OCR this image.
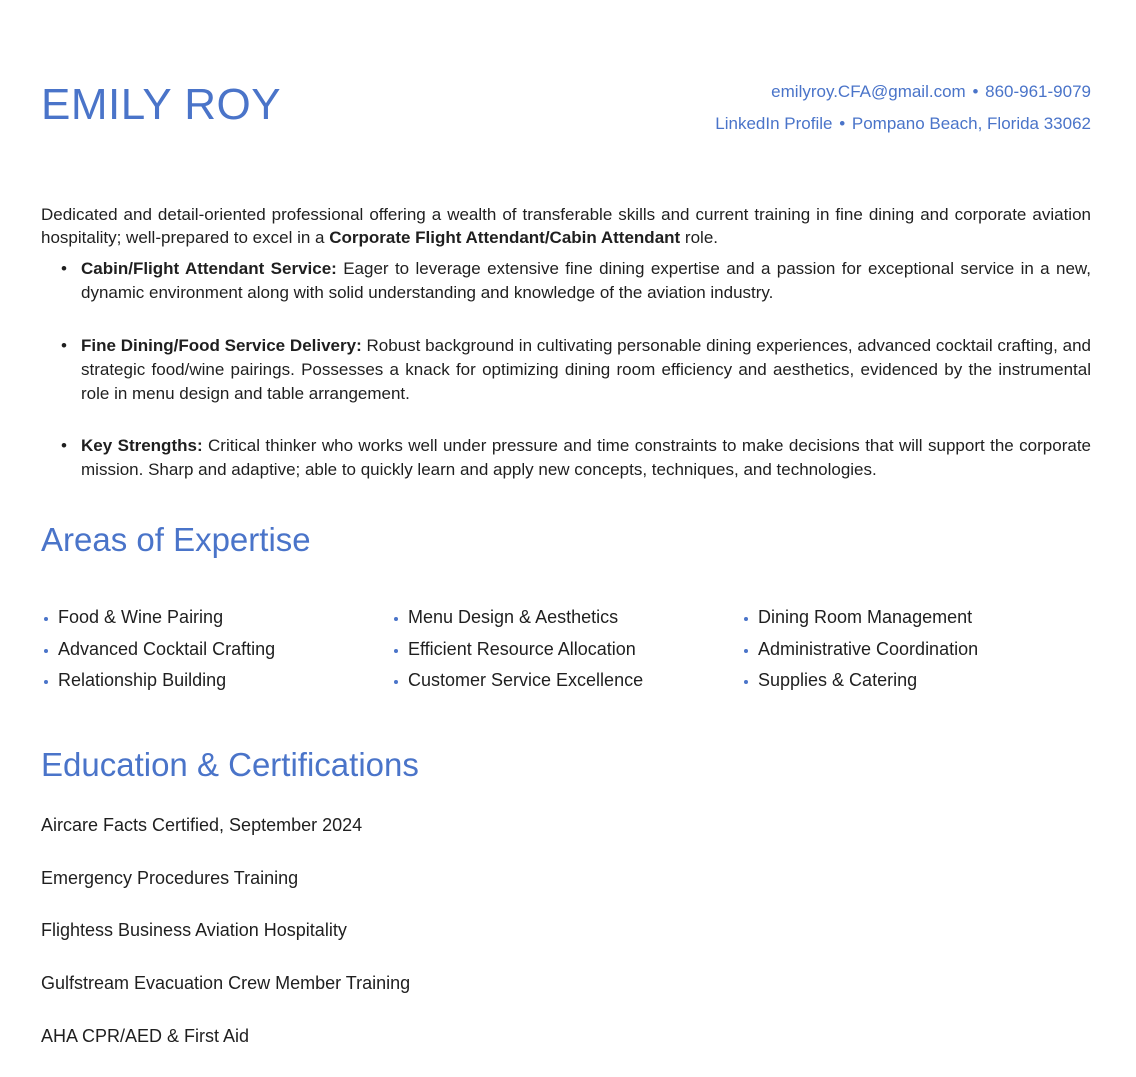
EMILY ROY	emilyroy.CFA@gmail.com • 860-961-9079
LinkedIn Profile • Pompano Beach, Florida 33062

Dedicated and detail-oriented professional offering a wealth of transferable skills and current training in fine dining and corporate aviation hospitality; well-prepared to excel in a Corporate Flight Attendant/Cabin Attendant role.

• Cabin/Flight Attendant Service: Eager to leverage extensive fine dining expertise and a passion for exceptional service in a new, dynamic environment along with solid understanding and knowledge of the aviation industry.
• Fine Dining/Food Service Delivery: Robust background in cultivating personable dining experiences, advanced cocktail crafting, and strategic food/wine pairings. Possesses a knack for optimizing dining room efficiency and aesthetics, evidenced by the instrumental role in menu design and table arrangement.
• Key Strengths: Critical thinker who works well under pressure and time constraints to make decisions that will support the corporate mission. Sharp and adaptive; able to quickly learn and apply new concepts, techniques, and technologies.
Areas of Expertise
Food & Wine Pairing
Advanced Cocktail Crafting
Relationship Building
Menu Design & Aesthetics
Efficient Resource Allocation
Customer Service Excellence
Dining Room Management
Administrative Coordination
Supplies & Catering
Education & Certifications
Aircare Facts Certified, September 2024
Emergency Procedures Training
Flightess Business Aviation Hospitality
Gulfstream Evacuation Crew Member Training
AHA CPR/AED & First Aid
